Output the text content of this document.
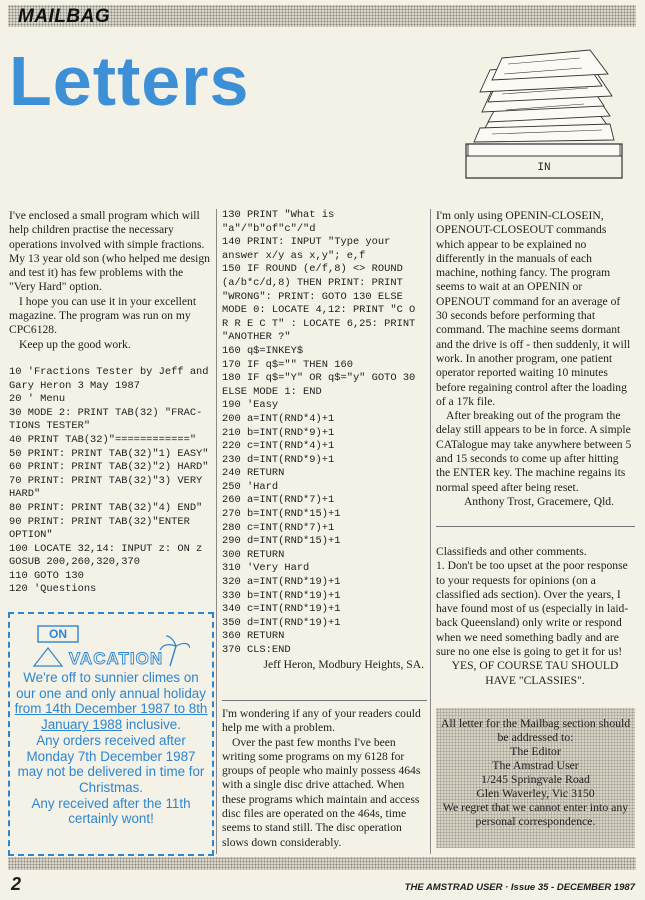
MAILBAG
Letters
IN

I've enclosed a small program which will help children practise the necessary operations involved with simple fractions. My 13 year old son (who helped me design and test it) has few problems with the "Very Hard" option.

I hope you can use it in your excellent magazine. The program was run on my CPC6128.

Keep up the good work.

10 'Fractions Tester by Jeff and Gary Heron 3 May 1987
20 ' Menu
30 MODE 2: PRINT TAB(32) "FRAC-TIONS TESTER"
40 PRINT TAB(32)"============"
50 PRINT: PRINT TAB(32)"1) EASY"
60 PRINT: PRINT TAB(32)"2) HARD"
70 PRINT: PRINT TAB(32)"3) VERY HARD"
80 PRINT: PRINT TAB(32)"4) END"
90 PRINT: PRINT TAB(32)"ENTER OPTION"
100 LOCATE 32,14: INPUT z: ON z GOSUB 200,260,320,370
110 GOTO 130
120 'Questions
ON
VACATION
We're off to sunnier climes on our one and only annual holiday from 14th December 1987 to 8th January 1988 inclusive.
Any orders received after Monday 7th December 1987 may not be delivered in time for Christmas.
Any received after the 11th certainly wont!
130 PRINT "What is "a"/"b"of"c"/"d
140 PRINT: INPUT "Type your answer x/y as x,y"; e,f
150 IF ROUND (e/f,8) <> ROUND (a/b*c/d,8) THEN PRINT: PRINT "WRONG": PRINT: GOTO 130 ELSE MODE 0: LOCATE 4,12: PRINT "C O R R E C T" : LOCATE 6,25: PRINT "ANOTHER ?"
160 q$=INKEY$
170 IF q$="" THEN 160
180 IF q$="Y" OR q$="y" GOTO 30 ELSE MODE 1: END
190 'Easy
200 a=INT(RND*4)+1
210 b=INT(RND*9)+1
220 c=INT(RND*4)+1
230 d=INT(RND*9)+1
240 RETURN
250 'Hard
260 a=INT(RND*7)+1
270 b=INT(RND*15)+1
280 c=INT(RND*7)+1
290 d=INT(RND*15)+1
300 RETURN
310 'Very Hard
320 a=INT(RND*19)+1
330 b=INT(RND*19)+1
340 c=INT(RND*19)+1
350 d=INT(RND*19)+1
360 RETURN
370 CLS:END

Jeff Heron, Modbury Heights, SA.

I'm wondering if any of your readers could help me with a problem.

Over the past few months I've been writing some programs on my 6128 for groups of people who mainly possess 464s with a single disc drive attached. When these programs which maintain and access disc files are operated on the 464s, time seems to stand still. The disc operation slows down considerably.

I'm only using OPENIN-CLOSEIN, OPENOUT-CLOSEOUT commands which appear to be explained no differently in the manuals of each machine, nothing fancy. The program seems to wait at an OPENIN or OPENOUT command for an average of 30 seconds before performing that command. The machine seems dormant and the drive is off - then suddenly, it will work. In another program, one patient operator reported waiting 10 minutes before regaining control after the loading of a 17k file.

After breaking out of the program the delay still appears to be in force. A simple CATalogue may take anywhere between 5 and 15 seconds to come up after hitting the ENTER key. The machine regains its normal speed after being reset.

Anthony Trost, Gracemere, Qld.

Classifieds and other comments.

1. Don't be too upset at the poor response to your requests for opinions (on a classified ads section). Over the years, I have found most of us (especially in laid-back Queensland) only write or respond when we need something badly and are sure no one else is going to get it for us!

YES, OF COURSE TAU SHOULD HAVE "CLASSIES".

All letter for the Mailbag section should be addressed to:

The Editor

The Amstrad User

1/245 Springvale Road

Glen Waverley, Vic 3150

We regret that we cannot enter into any personal correspondence.

2	THE AMSTRAD USER · Issue 35 - DECEMBER 1987
